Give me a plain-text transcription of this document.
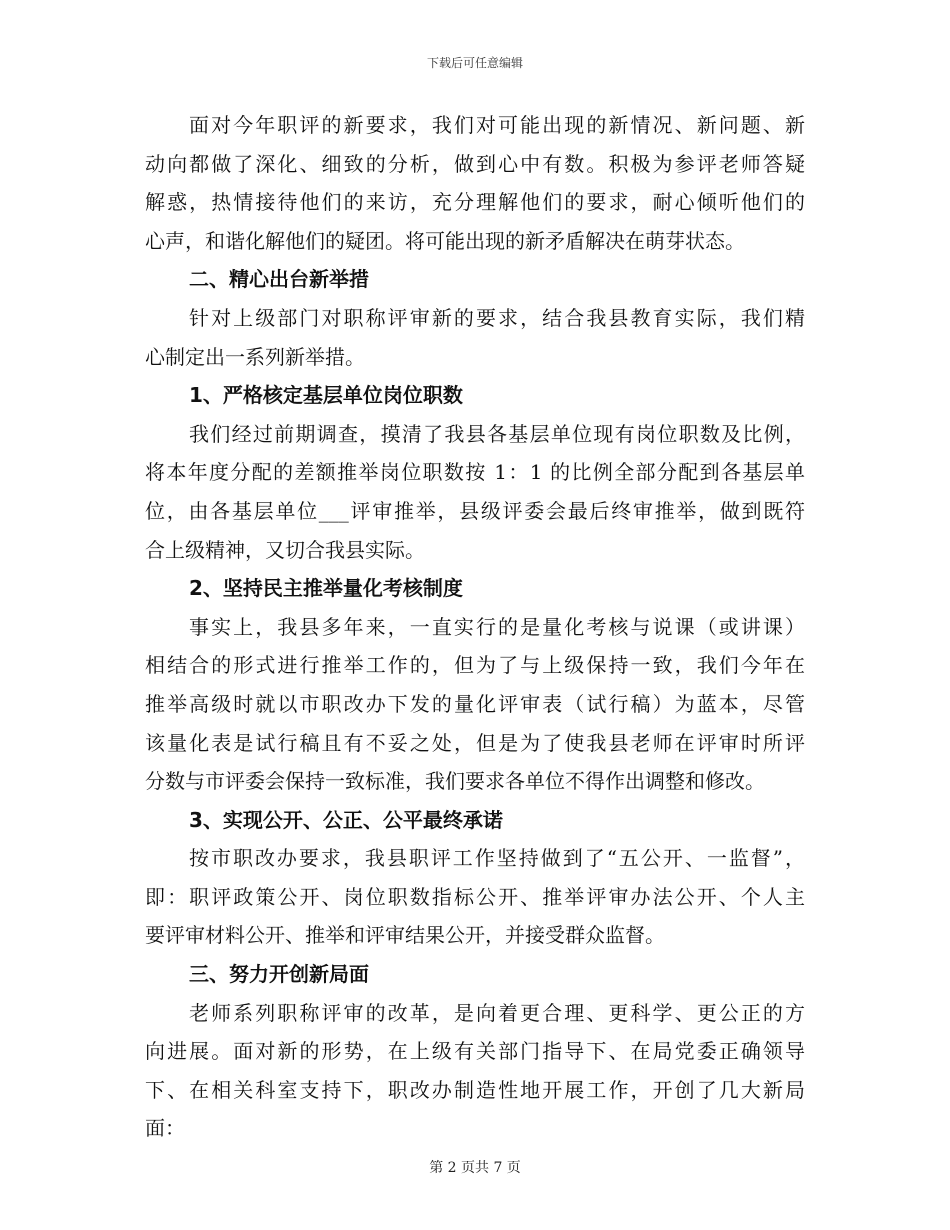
下载后可任意编辑
面对今年职评的新要求，我们对可能出现的新情况、新问题、新
动向都做了深化、细致的分析，做到心中有数。积极为参评老师答疑
解惑，热情接待他们的来访，充分理解他们的要求，耐心倾听他们的
心声，和谐化解他们的疑团。将可能出现的新矛盾解决在萌芽状态。
二、精心出台新举措
针对上级部门对职称评审新的要求，结合我县教育实际，我们精
心制定出一系列新举措。
1、严格核定基层单位岗位职数
我们经过前期调查，摸清了我县各基层单位现有岗位职数及比例，
将本年度分配的差额推举岗位职数按 1：1 的比例全部分配到各基层单
位，由各基层单位___评审推举，县级评委会最后终审推举，做到既符
合上级精神，又切合我县实际。
2、坚持民主推举量化考核制度
事实上，我县多年来，一直实行的是量化考核与说课（或讲课）
相结合的形式进行推举工作的，但为了与上级保持一致，我们今年在
推举高级时就以市职改办下发的量化评审表（试行稿）为蓝本，尽管
该量化表是试行稿且有不妥之处，但是为了使我县老师在评审时所评
分数与市评委会保持一致标准，我们要求各单位不得作出调整和修改。
3、实现公开、公正、公平最终承诺
按市职改办要求，我县职评工作坚持做到了“五公开、一监督”，
即：职评政策公开、岗位职数指标公开、推举评审办法公开、个人主
要评审材料公开、推举和评审结果公开，并接受群众监督。
三、努力开创新局面
老师系列职称评审的改革，是向着更合理、更科学、更公正的方
向进展。面对新的形势，在上级有关部门指导下、在局党委正确领导
下、在相关科室支持下，职改办制造性地开展工作，开创了几大新局
面：
第 2 页共 7 页
